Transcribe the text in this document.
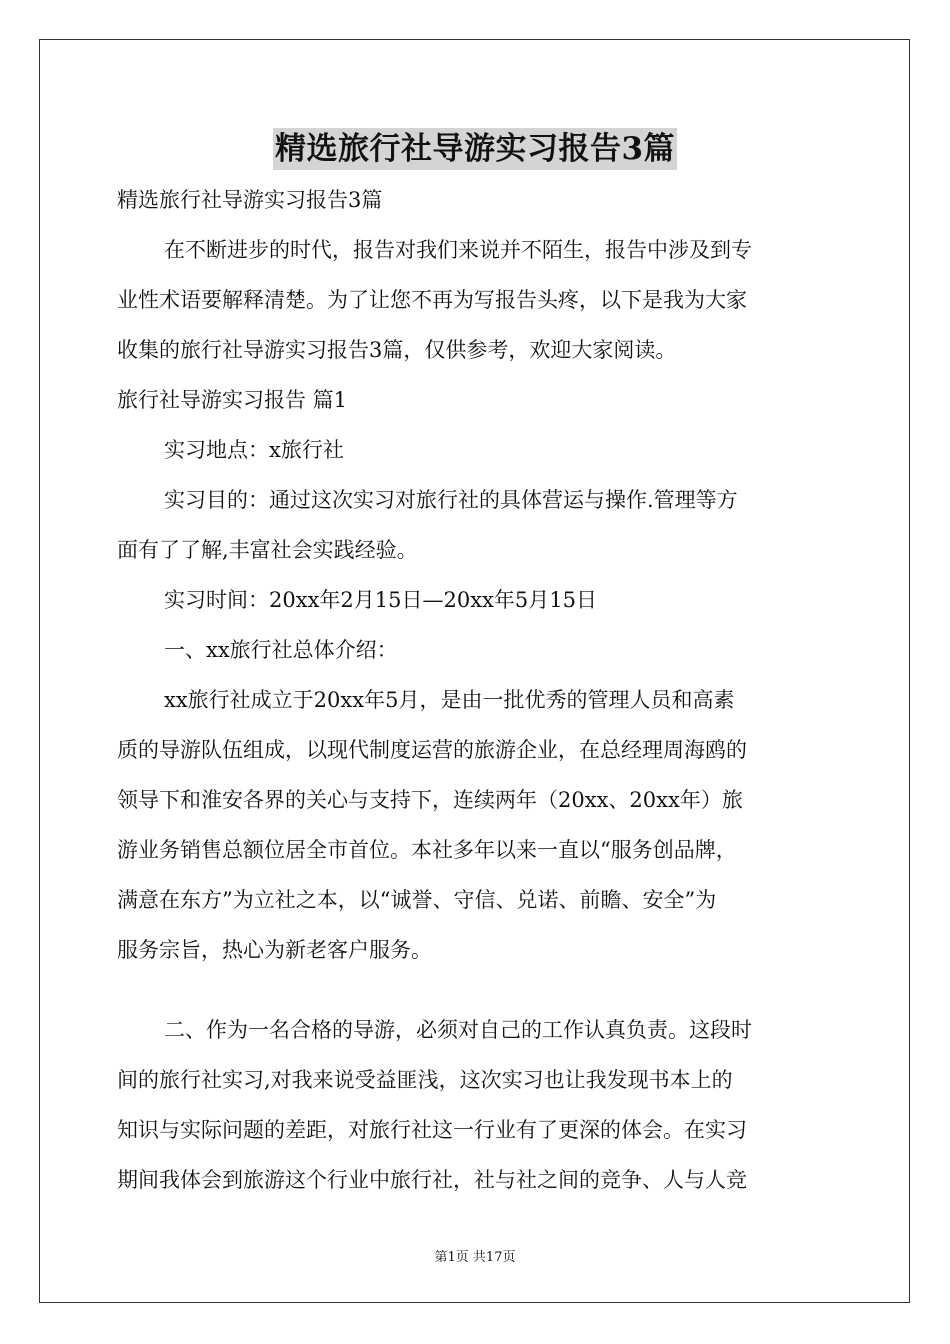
精选旅行社导游实习报告3篇
精选旅行社导游实习报告3篇
在不断进步的时代，报告对我们来说并不陌生，报告中涉及到专
业性术语要解释清楚。为了让您不再为写报告头疼，以下是我为大家
收集的旅行社导游实习报告3篇，仅供参考，欢迎大家阅读。
旅行社导游实习报告 篇1
实习地点：x旅行社
实习目的：通过这次实习对旅行社的具体营运与操作.管理等方
面有了了解,丰富社会实践经验。
实习时间：20xx年2月15日—20xx年5月15日
一、xx旅行社总体介绍：
xx旅行社成立于20xx年5月，是由一批优秀的管理人员和高素
质的导游队伍组成，以现代制度运营的旅游企业，在总经理周海鸥的
领导下和淮安各界的关心与支持下，连续两年（20xx、20xx年）旅
游业务销售总额位居全市首位。本社多年以来一直以“服务创品牌，
满意在东方”为立社之本，以“诚誉、守信、兑诺、前瞻、安全”为
服务宗旨，热心为新老客户服务。
二、作为一名合格的导游，必须对自己的工作认真负责。这段时
间的旅行社实习,对我来说受益匪浅，这次实习也让我发现书本上的
知识与实际问题的差距，对旅行社这一行业有了更深的体会。在实习
期间我体会到旅游这个行业中旅行社，社与社之间的竞争、人与人竞
第1页 共17页
